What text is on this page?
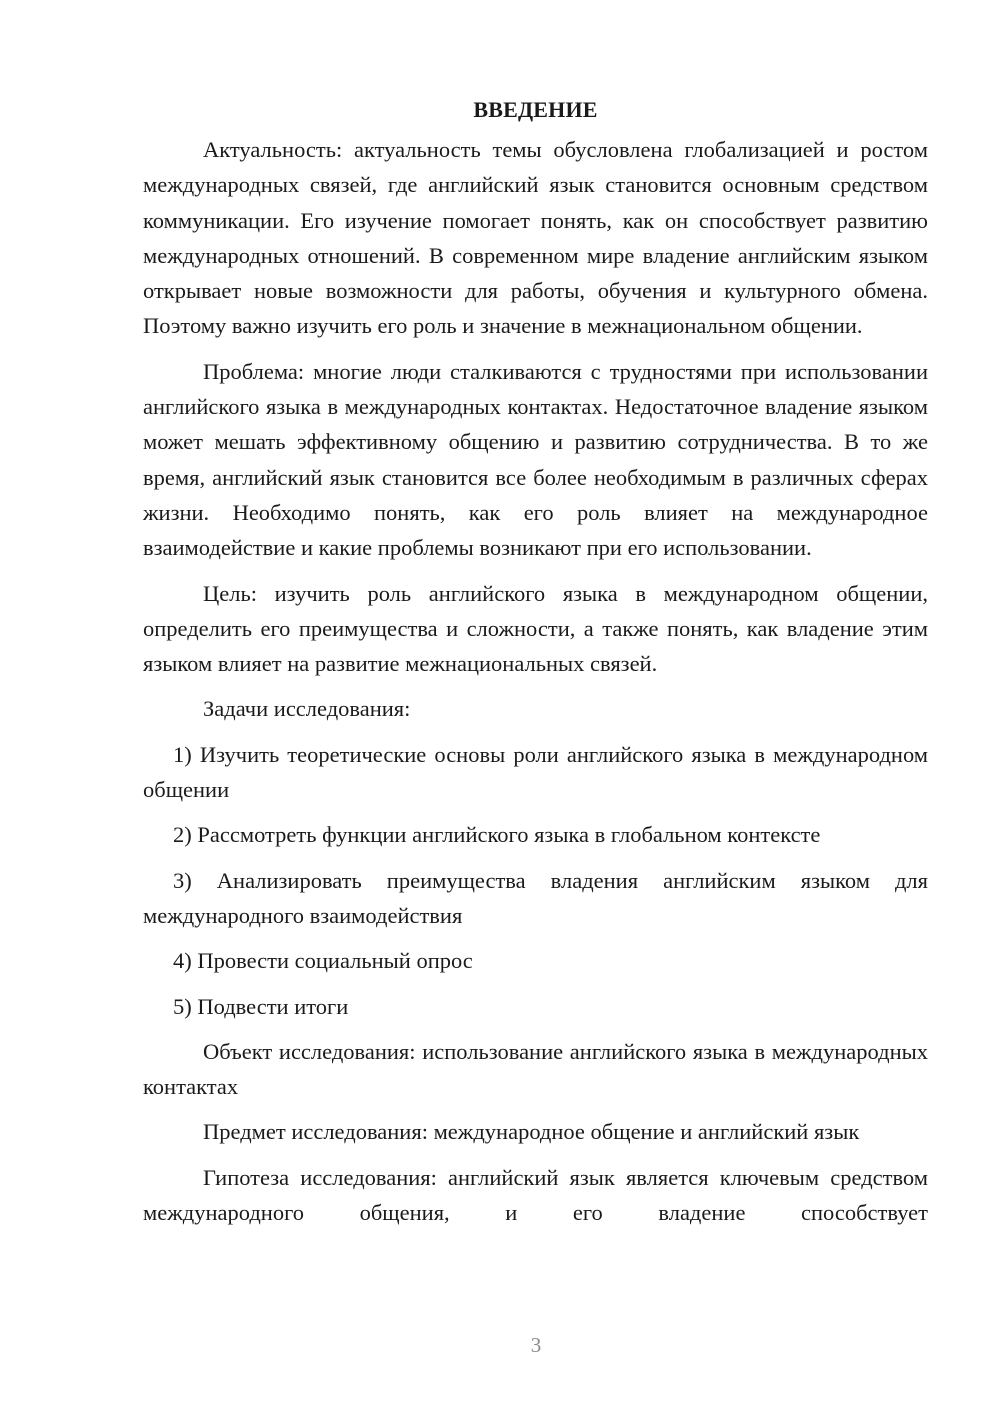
ВВЕДЕНИЕ

Актуальность: актуальность темы обусловлена глобализацией и ростом международных связей, где английский язык становится основным средством коммуникации. Его изучение помогает понять, как он способствует развитию международных отношений. В современном мире владение английским языком открывает новые возможности для работы, обучения и культурного обмена. Поэтому важно изучить его роль и значение в межнациональном общении.

Проблема: многие люди сталкиваются с трудностями при использовании английского языка в международных контактах. Недостаточное владение языком может мешать эффективному общению и развитию сотрудничества. В то же время, английский язык становится все более необходимым в различных сферах жизни. Необходимо понять, как его роль влияет на международное взаимодействие и какие проблемы возникают при его использовании.

Цель: изучить роль английского языка в международном общении, определить его преимущества и сложности, а также понять, как владение этим языком влияет на развитие межнациональных связей.

Задачи исследования:

1) Изучить теоретические основы роли английского языка в международном общении

2) Рассмотреть функции английского языка в глобальном контексте

3) Анализировать преимущества владения английским языком для международного взаимодействия

4) Провести социальный опрос

5) Подвести итоги

Объект исследования: использование английского языка в международных контактах

Предмет исследования: международное общение и английский язык

Гипотеза исследования: английский язык является ключевым средством международного общения, и его владение способствует

3
